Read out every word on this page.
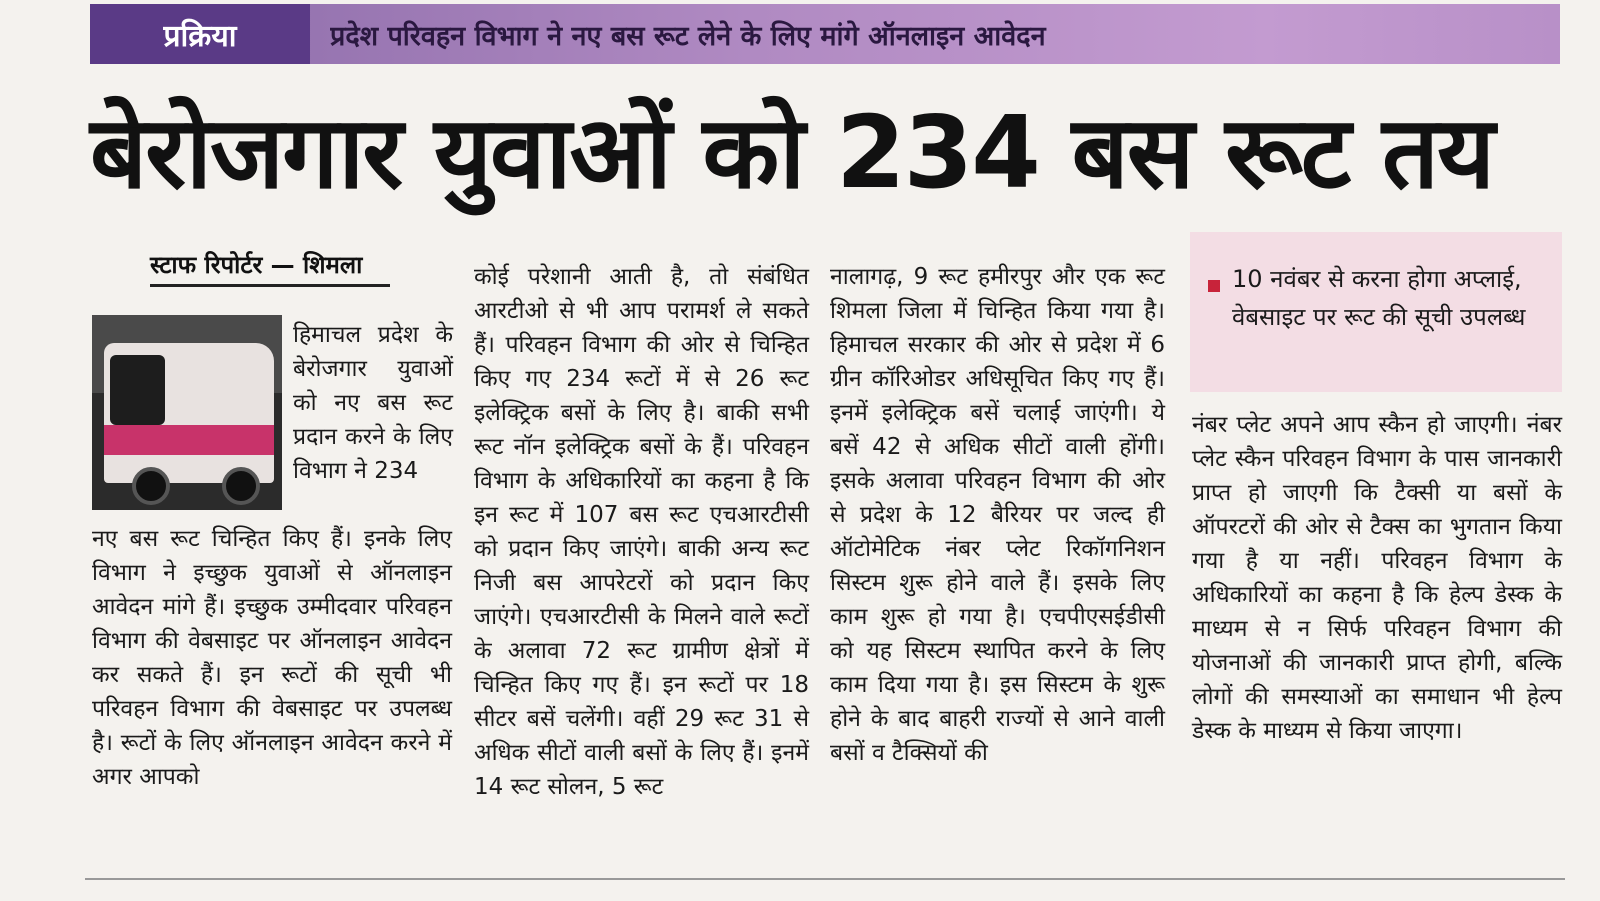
प्रक्रिया	प्रदेश परिवहन विभाग ने नए बस रूट लेने के लिए मांगे ऑनलाइन आवेदन
बेरोजगार युवाओं को 234 बस रूट तय
स्टाफ रिपोर्टर — शिमला

हिमाचल प्रदेश के बेरोजगार युवाओं को नए बस रूट प्रदान करने के लिए विभाग ने 234

नए बस रूट चिन्हित किए हैं। इनके लिए विभाग ने इच्छुक युवाओं से ऑनलाइन आवेदन मांगे हैं। इच्छुक उम्मीदवार परिवहन विभाग की वेबसाइट पर ऑनलाइन आवेदन कर सकते हैं। इन रूटों की सूची भी परिवहन विभाग की वेबसाइट पर उपलब्ध है। रूटों के लिए ऑनलाइन आवेदन करने में अगर आपको

कोई परेशानी आती है, तो संबंधित आरटीओ से भी आप परामर्श ले सकते हैं। परिवहन विभाग की ओर से चिन्हित किए गए 234 रूटों में से 26 रूट इलेक्ट्रिक बसों के लिए है। बाकी सभी रूट नॉन इलेक्ट्रिक बसों के हैं। परिवहन विभाग के अधिकारियों का कहना है कि इन रूट में 107 बस रूट एचआरटीसी को प्रदान किए जाएंगे। बाकी अन्य रूट निजी बस आपरेटरों को प्रदान किए जाएंगे। एचआरटीसी के मिलने वाले रूटों के अलावा 72 रूट ग्रामीण क्षेत्रों में चिन्हित किए गए हैं। इन रूटों पर 18 सीटर बसें चलेंगी। वहीं 29 रूट 31 से अधिक सीटों वाली बसों के लिए हैं। इनमें 14 रूट सोलन, 5 रूट

नालागढ़, 9 रूट हमीरपुर और एक रूट शिमला जिला में चिन्हित किया गया है। हिमाचल सरकार की ओर से प्रदेश में 6 ग्रीन कॉरिओडर अधिसूचित किए गए हैं। इनमें इलेक्ट्रिक बसें चलाई जाएंगी। ये बसें 42 से अधिक सीटों वाली होंगी। इसके अलावा परिवहन विभाग की ओर से प्रदेश के 12 बैरियर पर जल्द ही ऑटोमेटिक नंबर प्लेट रिकॉगनिशन सिस्टम शुरू होने वाले हैं। इसके लिए काम शुरू हो गया है। एचपीएसईडीसी को यह सिस्टम स्थापित करने के लिए काम दिया गया है। इस सिस्टम के शुरू होने के बाद बाहरी राज्यों से आने वाली बसों व टैक्सियों की

10 नवंबर से करना होगा अप्लाई, वेबसाइट पर रूट की सूची उपलब्ध

नंबर प्लेट अपने आप स्कैन हो जाएगी। नंबर प्लेट स्कैन परिवहन विभाग के पास जानकारी प्राप्त हो जाएगी कि टैक्सी या बसों के ऑपरटरों की ओर से टैक्स का भुगतान किया गया है या नहीं। परिवहन विभाग के अधिकारियों का कहना है कि हेल्प डेस्क के माध्यम से न सिर्फ परिवहन विभाग की योजनाओं की जानकारी प्राप्त होगी, बल्कि लोगों की समस्याओं का समाधान भी हेल्प डेस्क के माध्यम से किया जाएगा।
